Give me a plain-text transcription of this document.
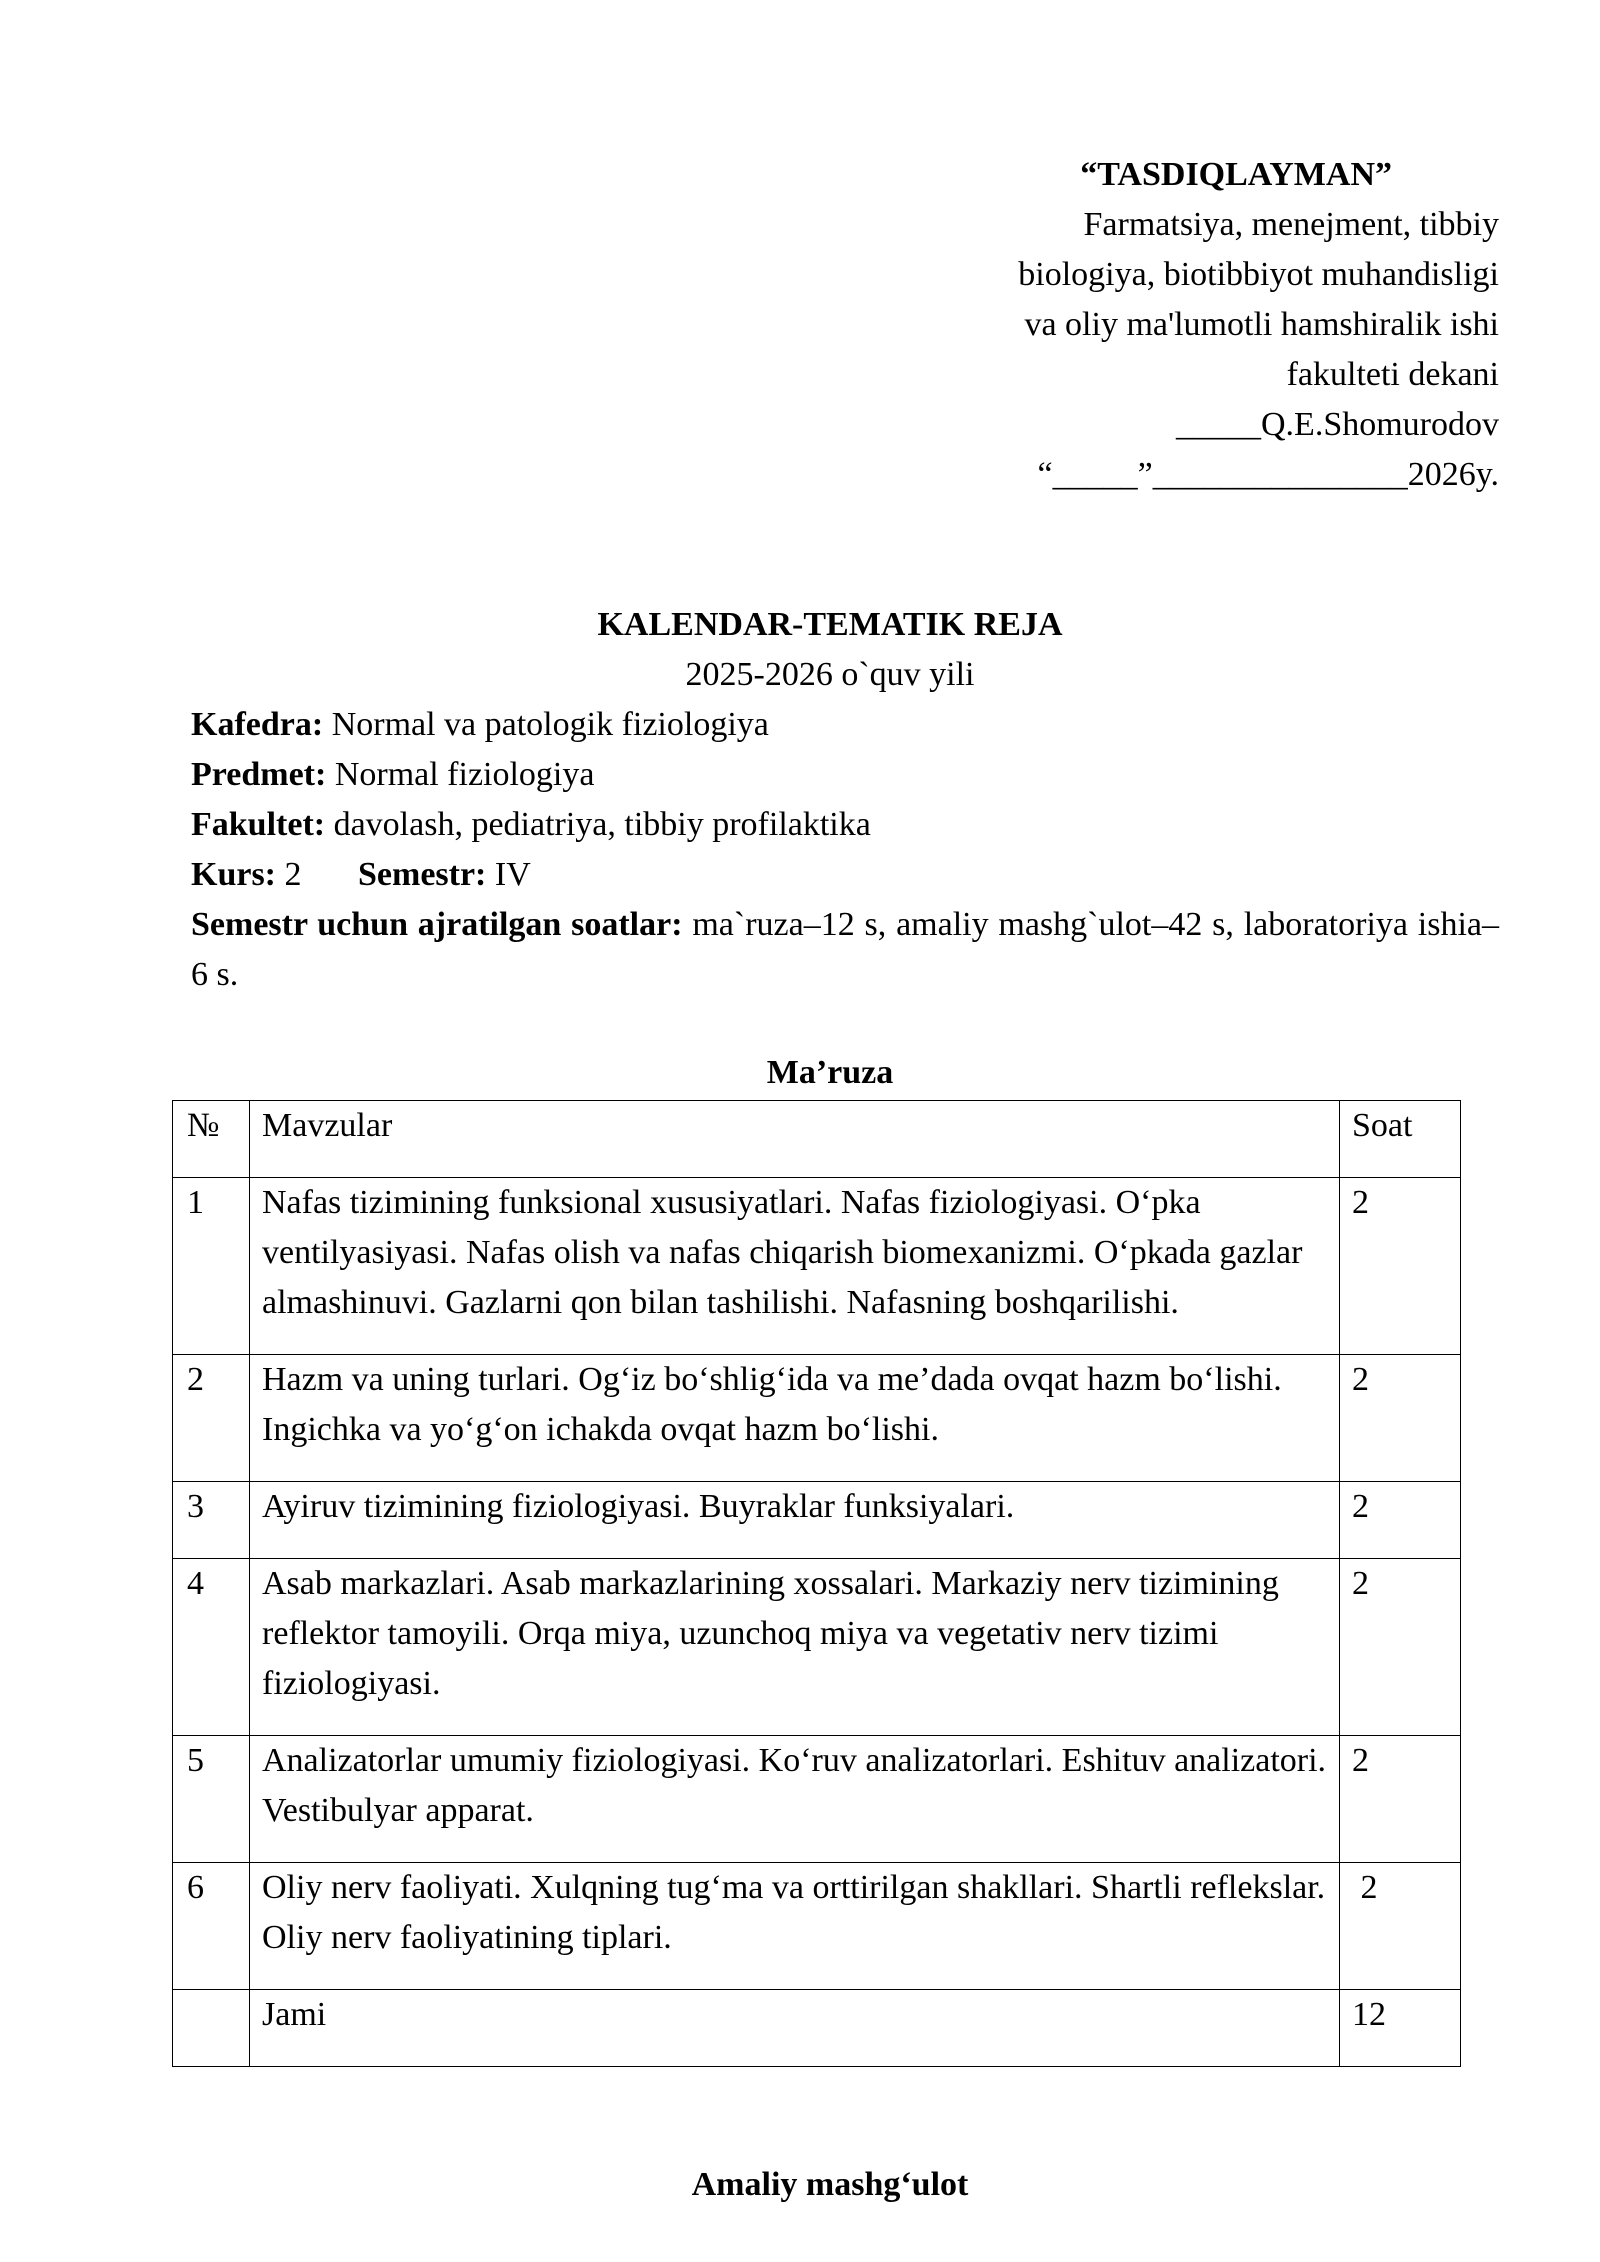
“TASDIQLAYMAN”
Farmatsiya, menejment, tibbiy
biologiya, biotibbiyot muhandisligi
va oliy ma'lumotli hamshiralik ishi
fakulteti dekani
_____Q.E.Shomurodov
“_____”_______________2026y.
KALENDAR-TEMATIK REJA
2025-2026 o`quv yili
Kafedra: Normal va patologik fiziologiya
Predmet: Normal fiziologiya
Fakultet: davolash, pediatriya, tibbiy profilaktika
Kurs: 2 Semestr: IV
Semestr uchun ajratilgan soatlar: ma`ruza–12 s, amaliy mashg`ulot–42 s, laboratoriya ishia–6 s.
Ma’ruza
№	Mavzular	Soat
1	Nafas tizimining funksional xususiyatlari. Nafas fiziologiyasi. O‘pka ventilyasiyasi. Nafas olish va nafas chiqarish biomexanizmi. O‘pkada gazlar almashinuvi. Gazlarni qon bilan tashilishi. Nafasning boshqarilishi.	2
2	Hazm va uning turlari. Og‘iz bo‘shlig‘ida va me’dada ovqat hazm bo‘lishi. Ingichka va yo‘g‘on ichakda ovqat hazm bo‘lishi.	2
3	Ayiruv tizimining fiziologiyasi. Buyraklar funksiyalari.	2
4	Asab markazlari. Asab markazlarining xossalari. Markaziy nerv tizimining reflektor tamoyili. Orqa miya, uzunchoq miya va vegetativ nerv tizimi fiziologiyasi.	2
5	Analizatorlar umumiy fiziologiyasi. Ko‘ruv analizatorlari. Eshituv analizatori. Vestibulyar apparat.	2
6	Oliy nerv faoliyati. Xulqning tug‘ma va orttirilgan shakllari. Shartli reflekslar. Oliy nerv faoliyatining tiplari.	2
	Jami	12
Amaliy mashg‘ulot
